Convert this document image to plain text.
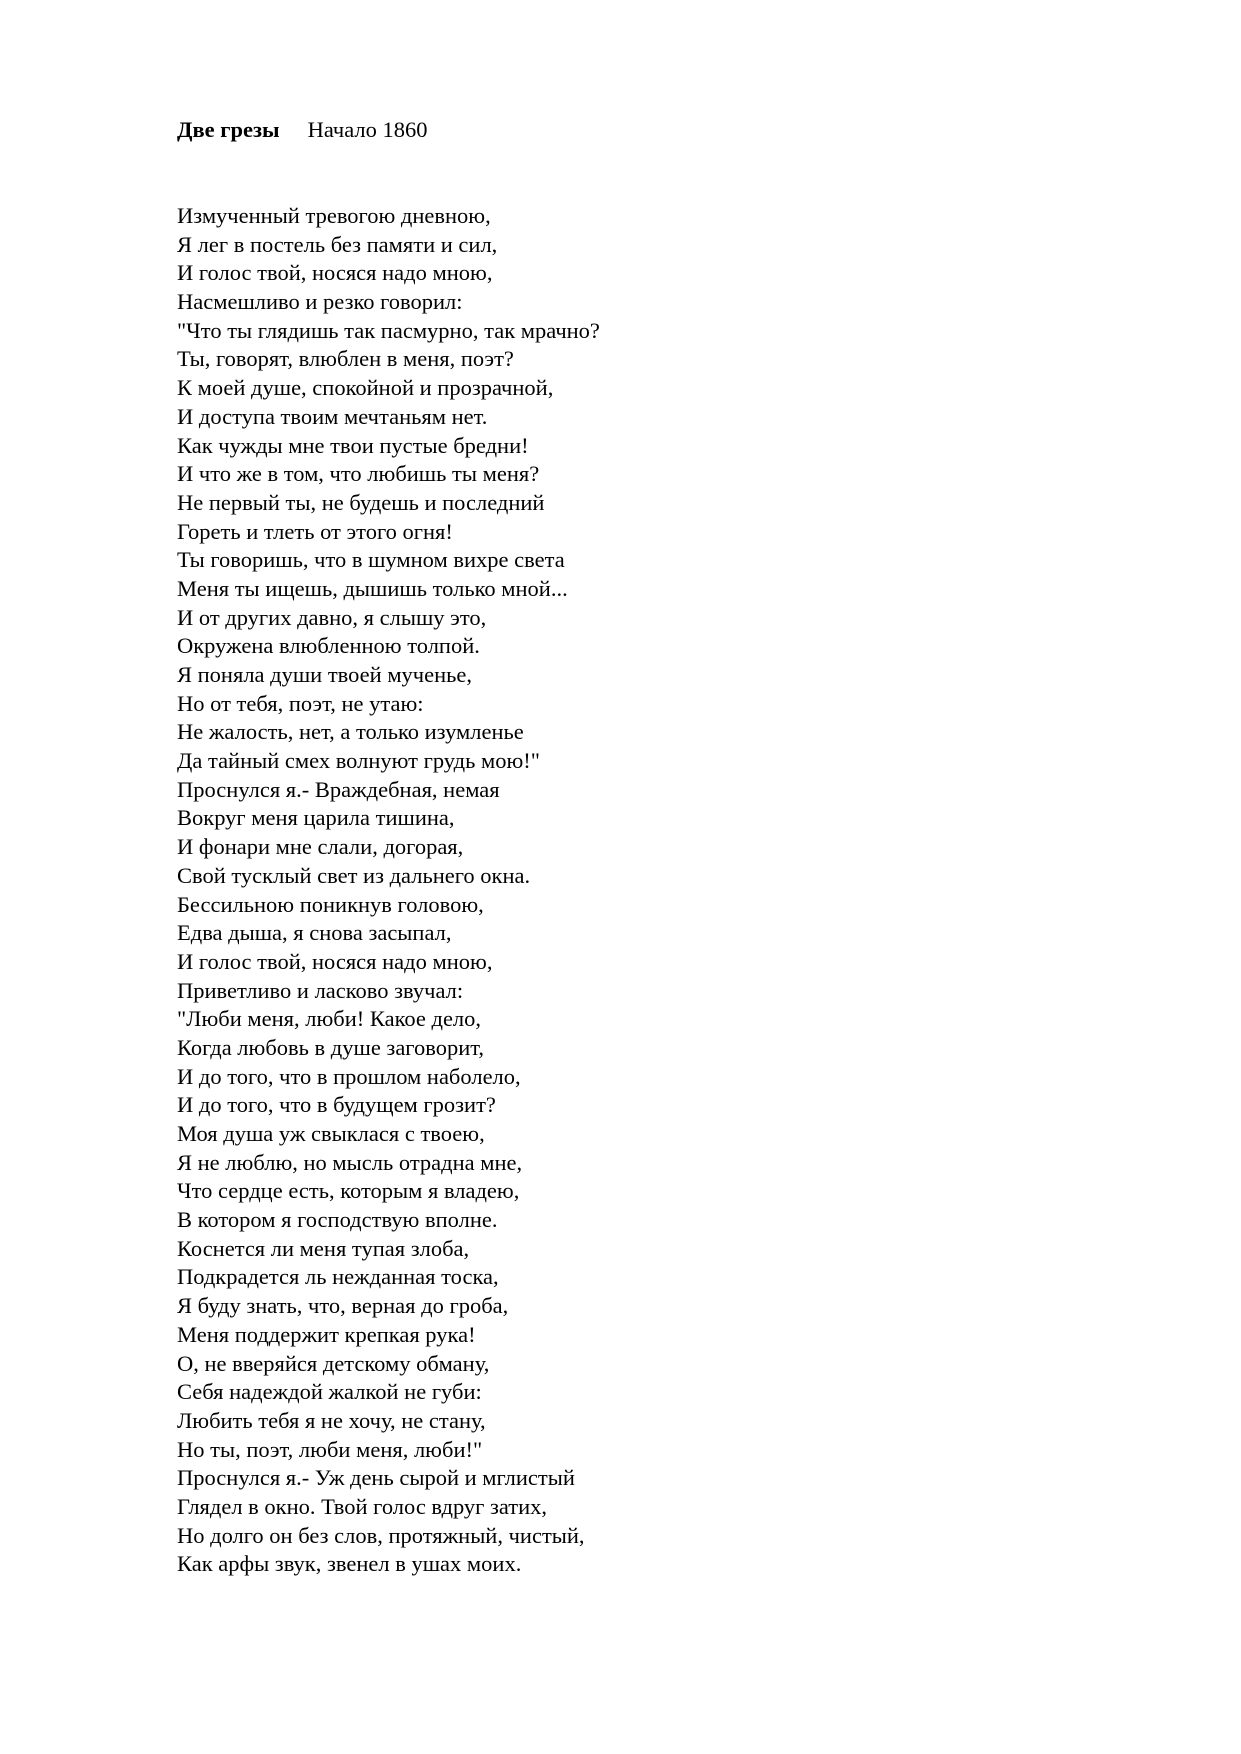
Две грезы Начало 1860
Измученный тревогою дневною,
Я лег в постель без памяти и сил,
И голос твой, носяся надо мною,
Насмешливо и резко говорил:
"Что ты глядишь так пасмурно, так мрачно?
Ты, говорят, влюблен в меня, поэт?
К моей душе, спокойной и прозрачной,
И доступа твоим мечтаньям нет.
Как чужды мне твои пустые бредни!
И что же в том, что любишь ты меня?
Не первый ты, не будешь и последний
Гореть и тлеть от этого огня!
Ты говоришь, что в шумном вихре света
Меня ты ищешь, дышишь только мной...
И от других давно, я слышу это,
Окружена влюбленною толпой.
Я поняла души твоей мученье,
Но от тебя, поэт, не утаю:
Не жалость, нет, а только изумленье
Да тайный смех волнуют грудь мою!"
Проснулся я.- Враждебная, немая
Вокруг меня царила тишина,
И фонари мне слали, догорая,
Свой тусклый свет из дальнего окна.
Бессильною поникнув головою,
Едва дыша, я снова засыпал,
И голос твой, носяся надо мною,
Приветливо и ласково звучал:
"Люби меня, люби! Какое дело,
Когда любовь в душе заговорит,
И до того, что в прошлом наболело,
И до того, что в будущем грозит?
Моя душа уж свыклася с твоею,
Я не люблю, но мысль отрадна мне,
Что сердце есть, которым я владею,
В котором я господствую вполне.
Коснется ли меня тупая злоба,
Подкрадется ль нежданная тоска,
Я буду знать, что, верная до гроба,
Меня поддержит крепкая рука!
О, не вверяйся детскому обману,
Себя надеждой жалкой не губи:
Любить тебя я не хочу, не стану,
Но ты, поэт, люби меня, люби!"
Проснулся я.- Уж день сырой и мглистый
Глядел в окно. Твой голос вдруг затих,
Но долго он без слов, протяжный, чистый,
Как арфы звук, звенел в ушах моих.
